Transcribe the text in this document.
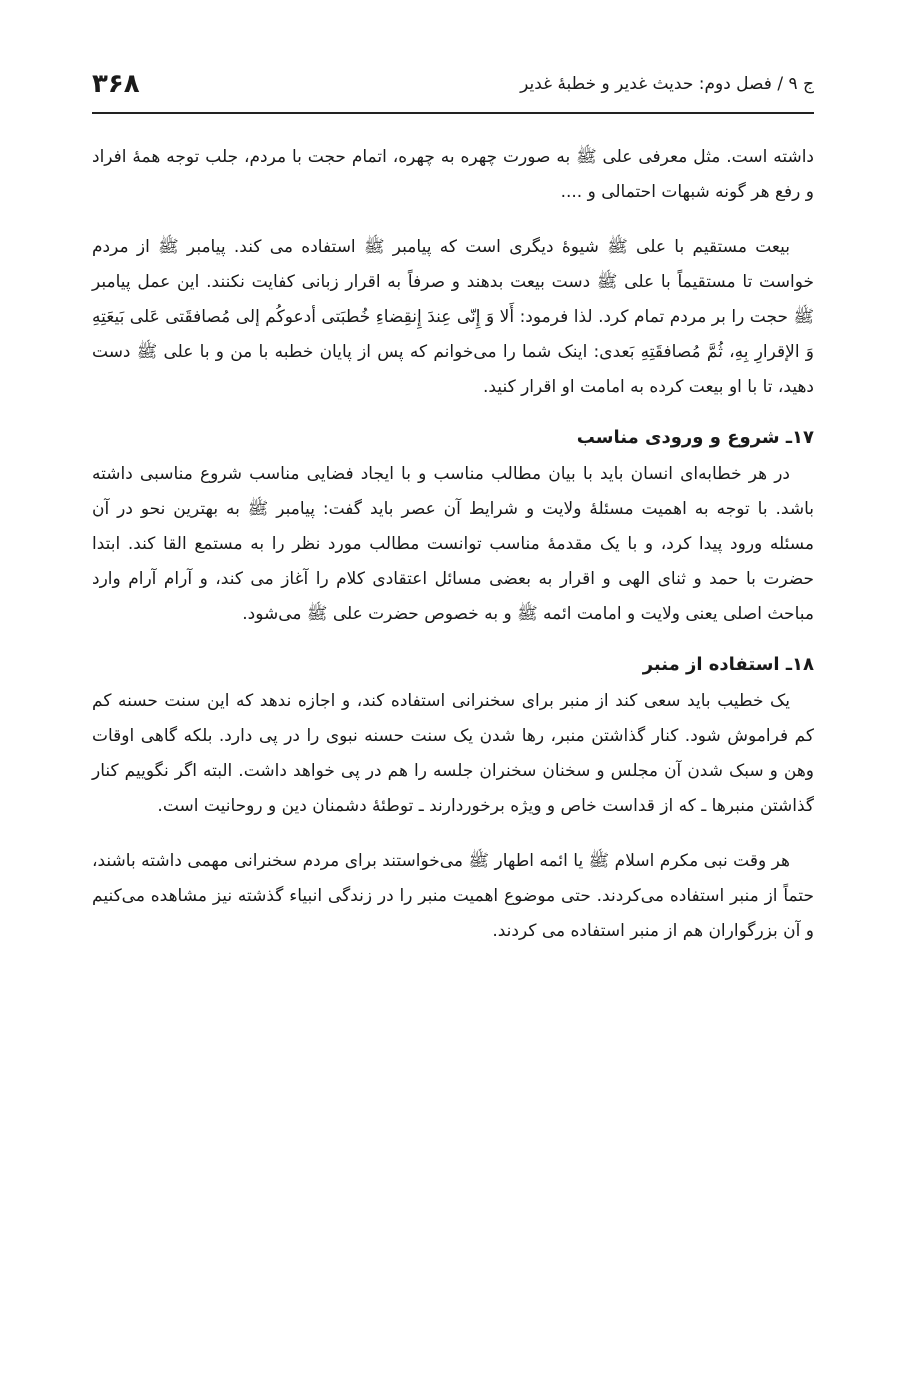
ج ۹ / فصل دوم: حدیث غدیر و خطبهٔ غدیر
۳۶۸

داشته است. مثل معرفی علی ﷺ به صورت چهره به چهره، اتمام حجت با مردم، جلب توجه همهٔ افراد و رفع هر گونه شبهات احتمالی و ....

بیعت مستقیم با علی ﷺ شیوهٔ دیگری است که پیامبر ﷺ استفاده می کند. پیامبر ﷺ از مردم خواست تا مستقیماً با علی ﷺ دست بیعت بدهند و صرفاً به اقرار زبانی کفایت نکنند. این عمل پیامبر ﷺ حجت را بر مردم تمام کرد. لذا فرمود: أَلا وَ إِنّی عِندَ إِنقِضاءِ خُطبَتی أدعوکُم إلی مُصافقَتی عَلی بَیعَتِهِ وَ الإقرارِ بِهِ، ثُمَّ مُصافقَتِهِ بَعدی: اینک شما را می‌خوانم که پس از پایان خطبه با من و با علی ﷺ دست دهید، تا با او بیعت کرده به امامت او اقرار کنید.

۱۷ـ شروع و ورودی مناسب

در هر خطابه‌ای انسان باید با بیان مطالب مناسب و با ایجاد فضایی مناسب شروع مناسبی داشته باشد. با توجه به اهمیت مسئلهٔ ولایت و شرایط آن عصر باید گفت: پیامبر ﷺ به بهترین نحو در آن مسئله ورود پیدا کرد، و با یک مقدمهٔ مناسب توانست مطالب مورد نظر را به مستمع القا کند. ابتدا حضرت با حمد و ثنای الهی و اقرار به بعضی مسائل اعتقادی کلام را آغاز می کند، و آرام آرام وارد مباحث اصلی یعنی ولایت و امامت ائمه ﷺ و به خصوص حضرت علی ﷺ می‌شود.

۱۸ـ استفاده از منبر

یک خطیب باید سعی کند از منبر برای سخنرانی استفاده کند، و اجازه ندهد که این سنت حسنه کم کم فراموش شود. کنار گذاشتن منبر، رها شدن یک سنت حسنه نبوی را در پی دارد. بلکه گاهی اوقات وهن و سبک شدن آن مجلس و سخنان سخنران جلسه را هم در پی خواهد داشت. البته اگر نگوییم کنار گذاشتن منبرها ـ که از قداست خاص و ویژه برخوردارند ـ توطئهٔ دشمنان دین و روحانیت است.

هر وقت نبی مکرم اسلام ﷺ یا ائمه اطهار ﷺ می‌خواستند برای مردم سخنرانی مهمی داشته باشند، حتماً از منبر استفاده می‌کردند. حتی موضوع اهمیت منبر را در زندگی انبیاء گذشته نیز مشاهده می‌کنیم و آن بزرگواران هم از منبر استفاده می کردند.
